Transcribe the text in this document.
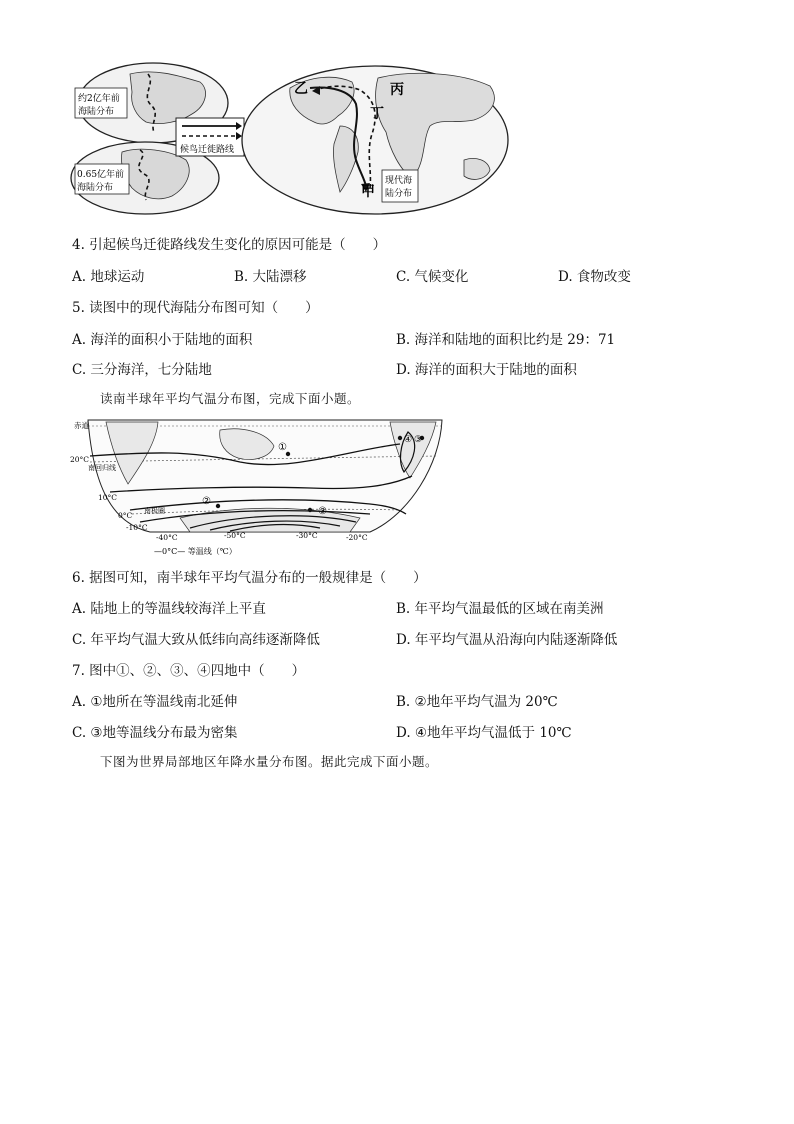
约2亿年前
海陆分布
0.65亿年前
海陆分布
候鸟迁徙路线
乙	丙
丁
甲
现代海
陆分布
4. 引起候鸟迁徙路线发生变化的原因可能是（　　）
A. 地球运动	B. 大陆漂移	C. 气候变化	D. 食物改变
5. 读图中的现代海陆分布图可知（　　）
A. 海洋的面积小于陆地的面积	B. 海洋和陆地的面积比约是 29：71
C. 三分海洋，七分陆地	D. 海洋的面积大于陆地的面积
读南半球年平均气温分布图，完成下面小题。
赤道
20°C
南回归线
10°C
0°C
-10°C
南极圈
-40°C	-50°C	-30°C	-20°C
①
②
③
④ ③
—0°C— 等温线（℃）
6. 据图可知，南半球年平均气温分布的一般规律是（　　）
A. 陆地上的等温线较海洋上平直	B. 年平均气温最低的区域在南美洲
C. 年平均气温大致从低纬向高纬逐渐降低	D. 年平均气温从沿海向内陆逐渐降低
7. 图中①、②、③、④四地中（　　）
A. ①地所在等温线南北延伸	B. ②地年平均气温为 20℃
C. ③地等温线分布最为密集	D. ④地年平均气温低于 10℃
下图为世界局部地区年降水量分布图。据此完成下面小题。
